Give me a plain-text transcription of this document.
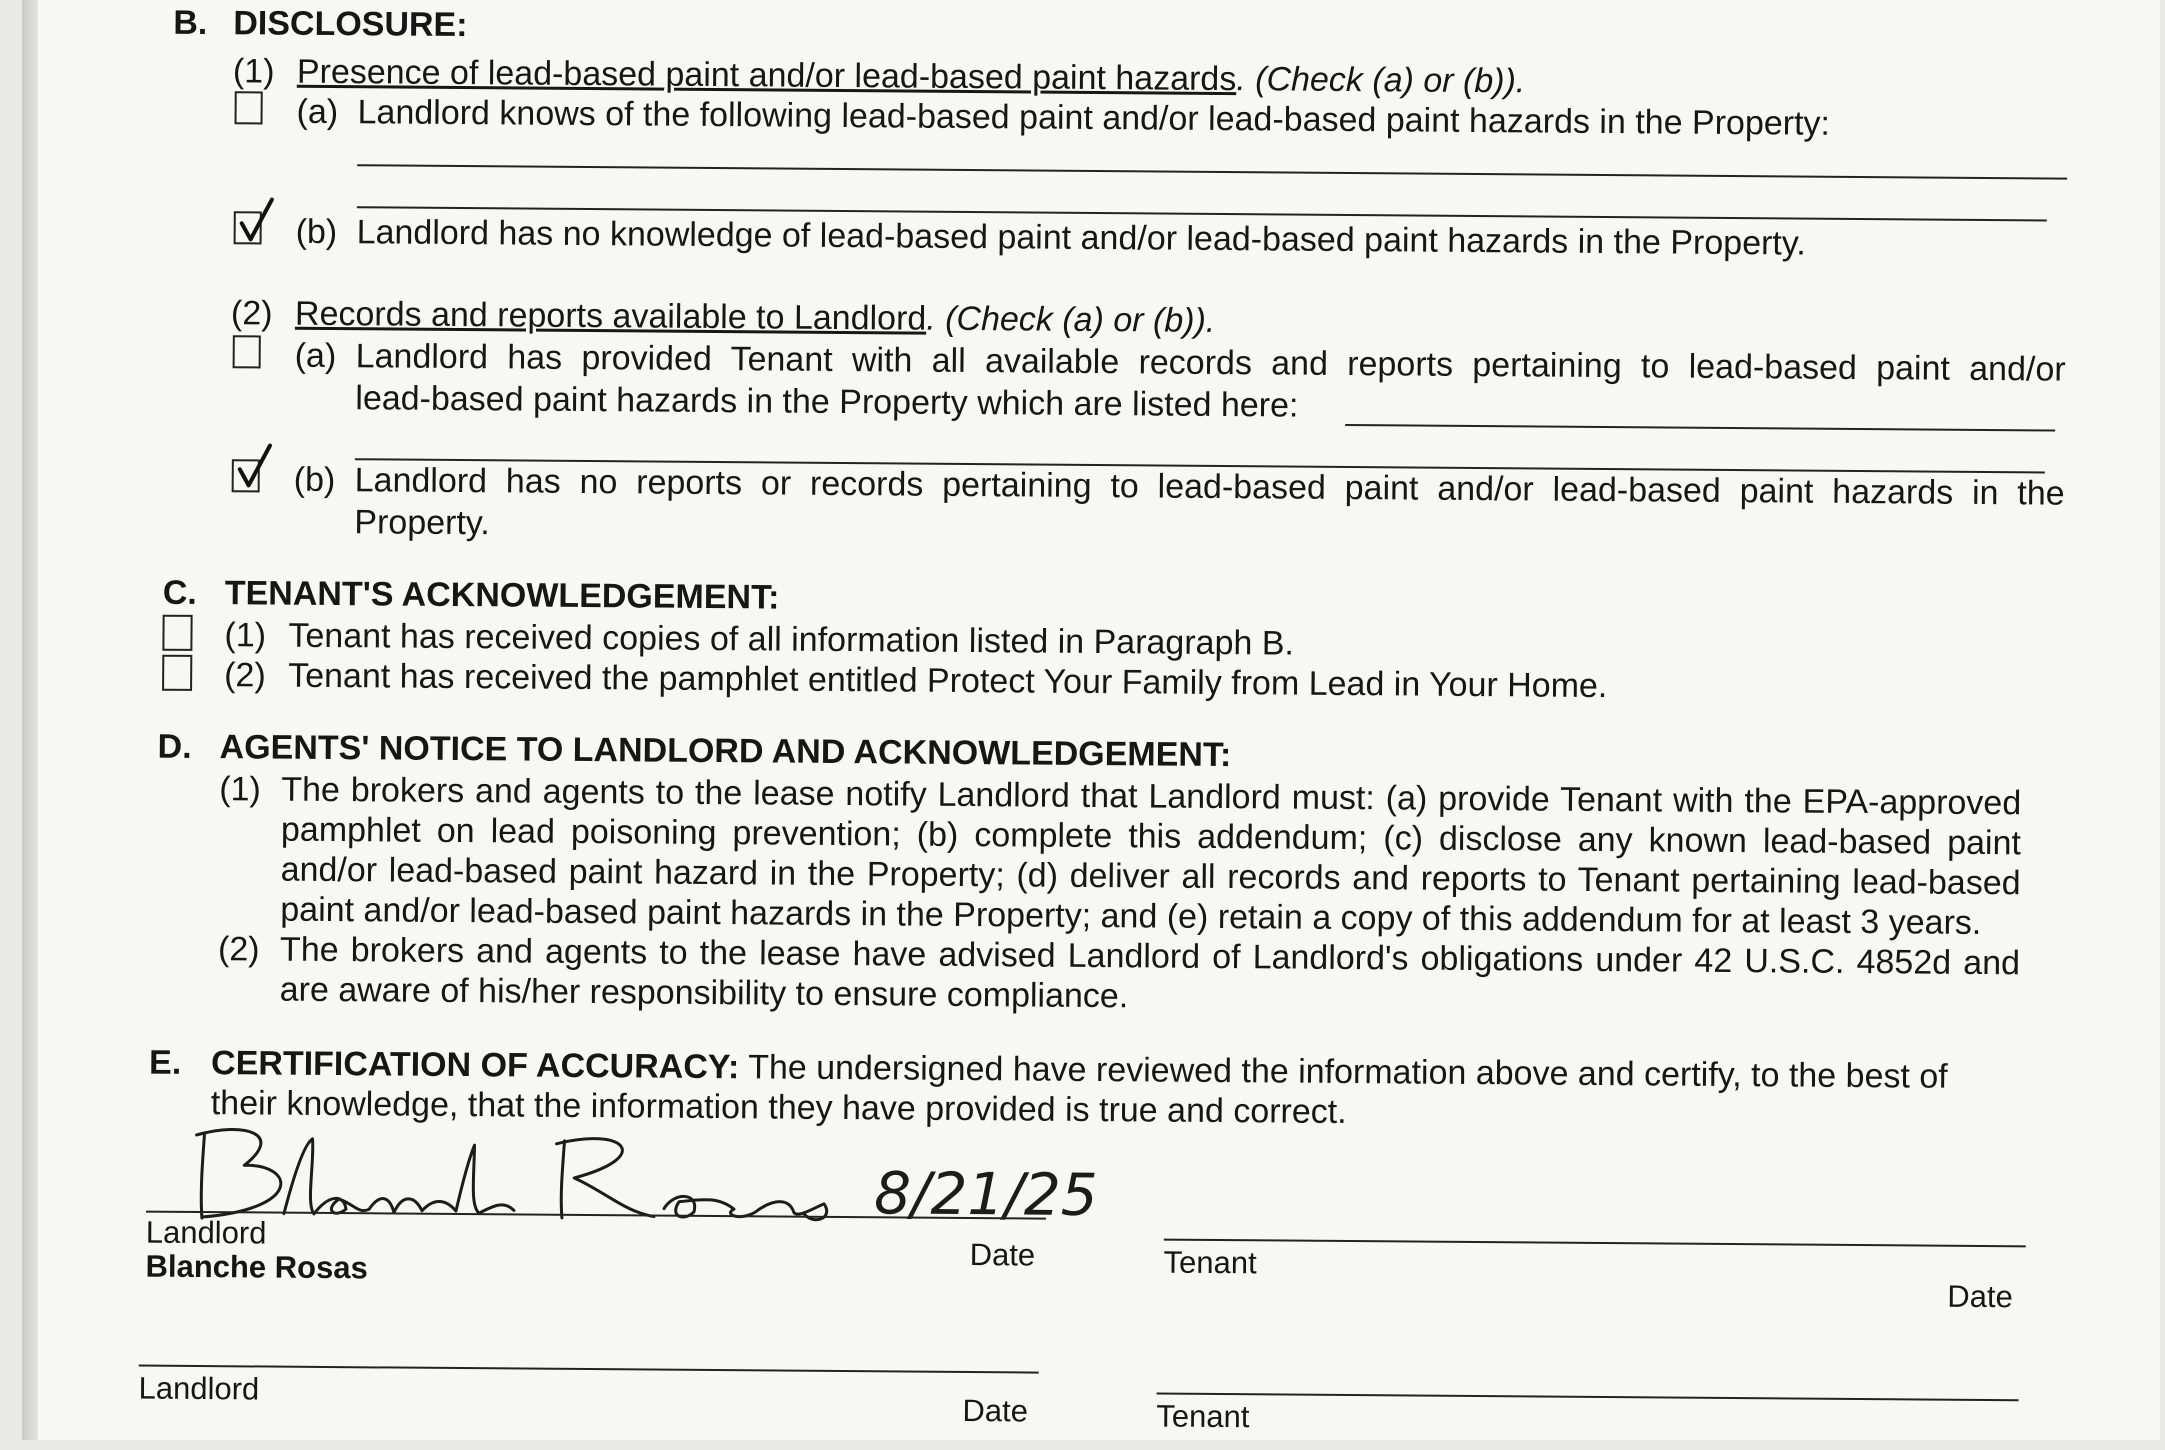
B. DISCLOSURE:
(1) Presence of lead-based paint and/or lead-based paint hazards. (Check (a) or (b)).
(a) Landlord knows of the following lead-based paint and/or lead-based paint hazards in the Property:
(b) Landlord has no knowledge of lead-based paint and/or lead-based paint hazards in the Property.
(2) Records and reports available to Landlord. (Check (a) or (b)).
(a) Landlord has provided Tenant with all available records and reports pertaining to lead-based paint and/or
lead-based paint hazards in the Property which are listed here:
(b) Landlord has no reports or records pertaining to lead-based paint and/or lead-based paint hazards in the
Property.
C. TENANT'S ACKNOWLEDGEMENT:
(1) Tenant has received copies of all information listed in Paragraph B.
(2) Tenant has received the pamphlet entitled Protect Your Family from Lead in Your Home.
D. AGENTS' NOTICE TO LANDLORD AND ACKNOWLEDGEMENT:
(1) The brokers and agents to the lease notify Landlord that Landlord must: (a) provide Tenant with the EPA-approved
pamphlet on lead poisoning prevention; (b) complete this addendum; (c) disclose any known lead-based paint
and/or lead-based paint hazard in the Property; (d) deliver all records and reports to Tenant pertaining lead-based
paint and/or lead-based paint hazards in the Property; and (e) retain a copy of this addendum for at least 3 years.
(2) The brokers and agents to the lease have advised Landlord of Landlord's obligations under 42 U.S.C. 4852d and
are aware of his/her responsibility to ensure compliance.
E. CERTIFICATION OF ACCURACY: The undersigned have reviewed the information above and certify, to the best of
their knowledge, that the information they have provided is true and correct.
8/21/25
Landlord
Blanche Rosas	Date	Tenant
Date
Landlord
Date	Tenant
